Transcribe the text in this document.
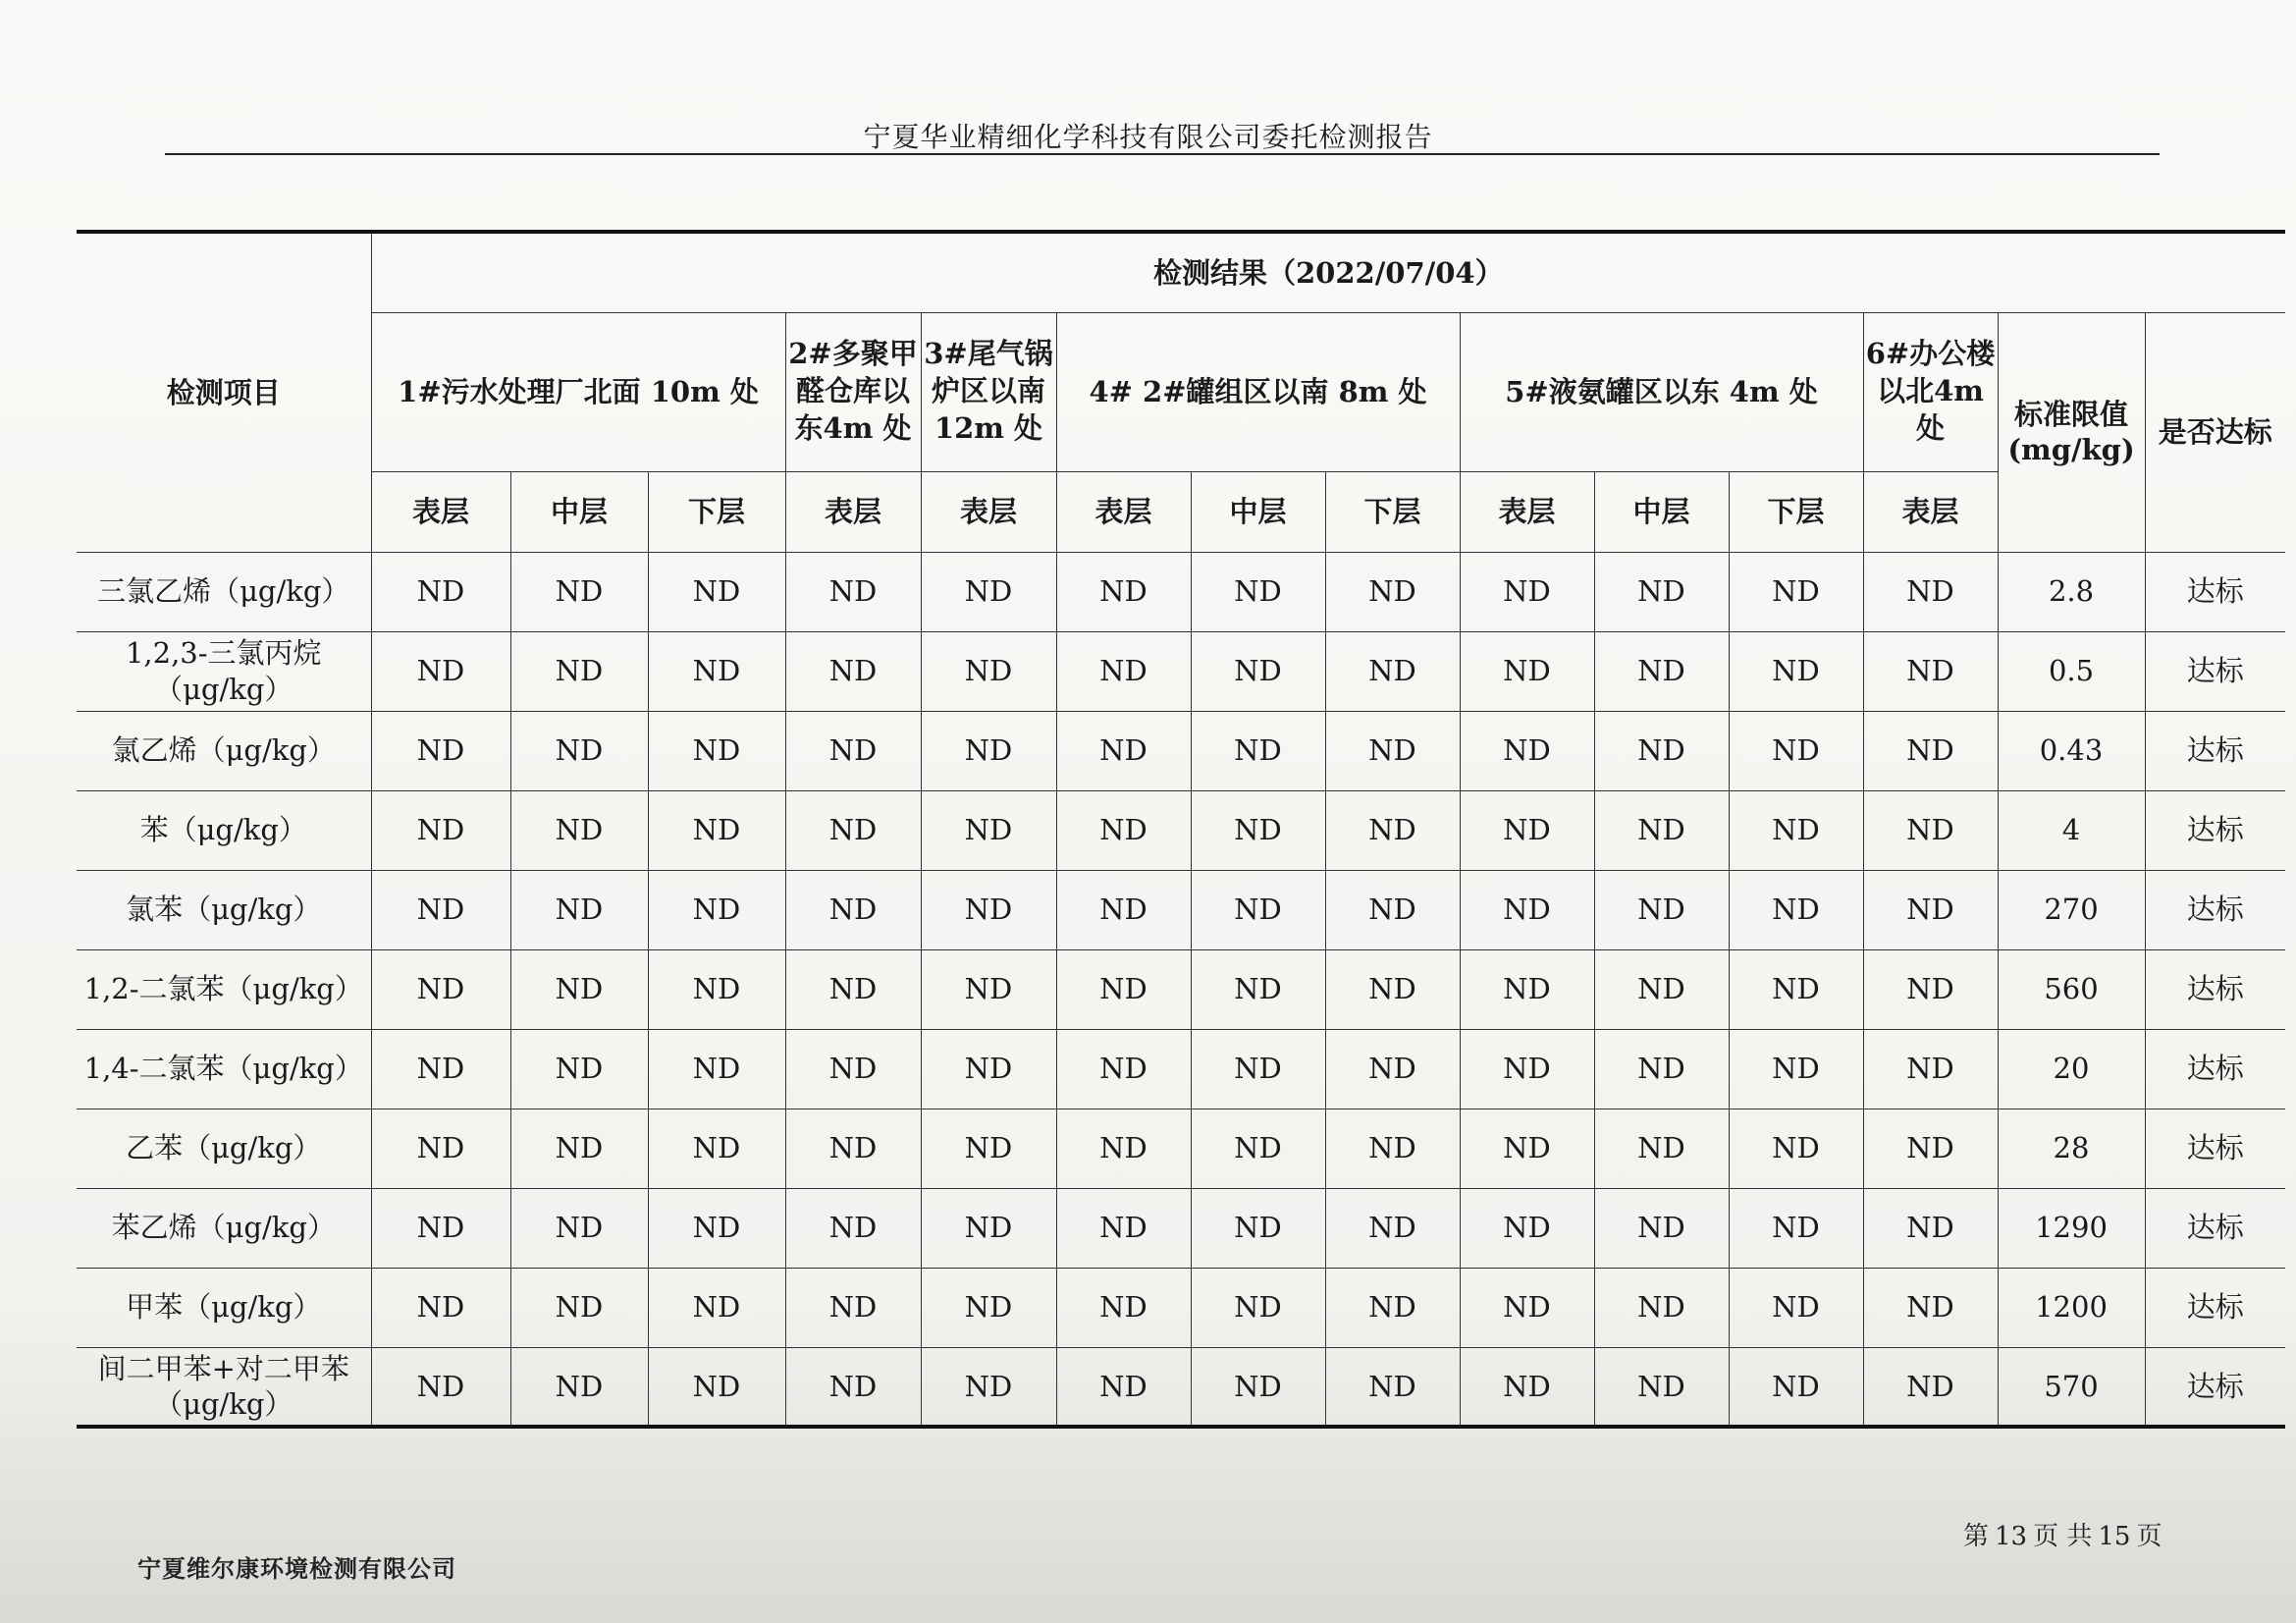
宁夏华业精细化学科技有限公司委托检测报告
检测项目	检测结果（2022/07/04）													
	1#污水处理厂北面 10m 处			2#多聚甲醛仓库以东4m 处	3#尾气锅炉区以南12m 处	4# 2#罐组区以南 8m 处			5#液氨罐区以东 4m 处			6#办公楼以北4m 处	标准限值(mg/kg)	是否达标
	表层	中层	下层	表层	表层	表层	中层	下层	表层	中层	下层	表层		
三氯乙烯（μg/kg）	ND	ND	ND	ND	ND	ND	ND	ND	ND	ND	ND	ND	2.8	达标
1,2,3-三氯丙烷（μg/kg）	ND	ND	ND	ND	ND	ND	ND	ND	ND	ND	ND	ND	0.5	达标
氯乙烯（μg/kg）	ND	ND	ND	ND	ND	ND	ND	ND	ND	ND	ND	ND	0.43	达标
苯（μg/kg）	ND	ND	ND	ND	ND	ND	ND	ND	ND	ND	ND	ND	4	达标
氯苯（μg/kg）	ND	ND	ND	ND	ND	ND	ND	ND	ND	ND	ND	ND	270	达标
1,2-二氯苯（μg/kg）	ND	ND	ND	ND	ND	ND	ND	ND	ND	ND	ND	ND	560	达标
1,4-二氯苯（μg/kg）	ND	ND	ND	ND	ND	ND	ND	ND	ND	ND	ND	ND	20	达标
乙苯（μg/kg）	ND	ND	ND	ND	ND	ND	ND	ND	ND	ND	ND	ND	28	达标
苯乙烯（μg/kg）	ND	ND	ND	ND	ND	ND	ND	ND	ND	ND	ND	ND	1290	达标
甲苯（μg/kg）	ND	ND	ND	ND	ND	ND	ND	ND	ND	ND	ND	ND	1200	达标
间二甲苯+对二甲苯（μg/kg）	ND	ND	ND	ND	ND	ND	ND	ND	ND	ND	ND	ND	570	达标
宁夏维尔康环境检测有限公司
第 13 页 共 15 页
